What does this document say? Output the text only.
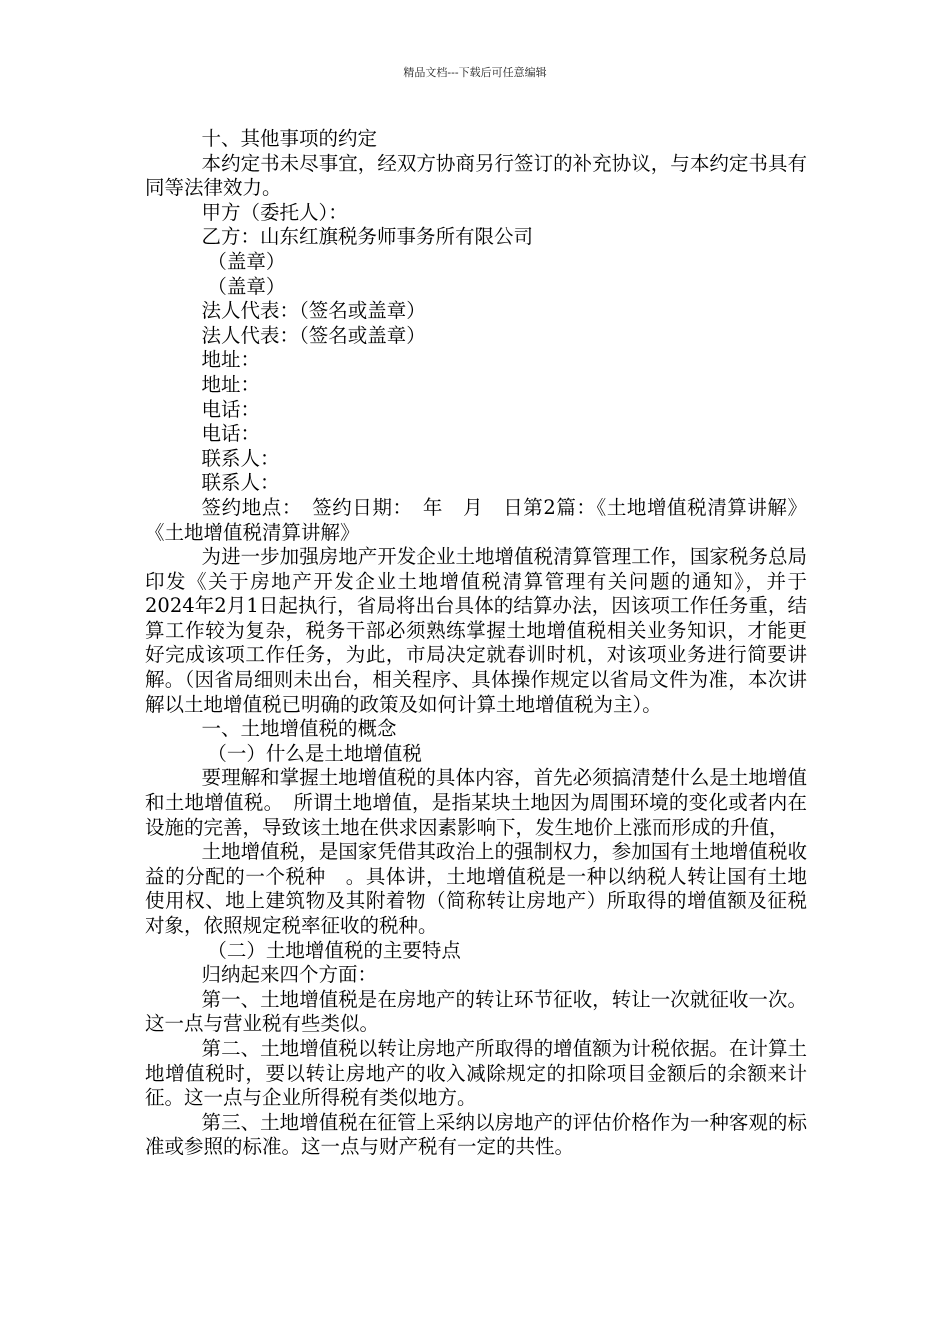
精品文档---下载后可任意编辑

十、其他事项的约定

本约定书未尽事宜，经双方协商另行签订的补充协议，与本约定书具有同等法律效力。

甲方（委托人）：

乙方：山东红旗税务师事务所有限公司

（盖章）

（盖章）

法人代表：（签名或盖章）

法人代表：（签名或盖章）

地址：

地址：

电话：

电话：

联系人：

联系人：

签约地点：　签约日期：　年　月　日第2篇：《土地增值税清算讲解》《土地增值税清算讲解》

为进一步加强房地产开发企业土地增值税清算管理工作，国家税务总局印发《关于房地产开发企业土地增值税清算管理有关问题的通知》，并于2024年2月1日起执行，省局将出台具体的结算办法，因该项工作任务重，结算工作较为复杂，税务干部必须熟练掌握土地增值税相关业务知识，才能更好完成该项工作任务，为此，市局决定就春训时机，对该项业务进行简要讲解。（因省局细则未出台，相关程序、具体操作规定以省局文件为准，本次讲解以土地增值税已明确的政策及如何计算土地增值税为主）。

一、土地增值税的概念

（一）什么是土地增值税

要理解和掌握土地增值税的具体内容，首先必须搞清楚什么是土地增值和土地增值税。　所谓土地增值，是指某块土地因为周围环境的变化或者内在设施的完善，导致该土地在供求因素影响下，发生地价上涨而形成的升值，

土地增值税，是国家凭借其政治上的强制权力，参加国有土地增值税收益的分配的一个税种　。具体讲，土地增值税是一种以纳税人转让国有土地使用权、地上建筑物及其附着物（简称转让房地产）所取得的增值额及征税对象，依照规定税率征收的税种。

（二）土地增值税的主要特点

归纳起来四个方面：

第一、土地增值税是在房地产的转让环节征收，转让一次就征收一次。这一点与营业税有些类似。

第二、土地增值税以转让房地产所取得的增值额为计税依据。在计算土地增值税时，要以转让房地产的收入减除规定的扣除项目金额后的余额来计征。这一点与企业所得税有类似地方。

第三、土地增值税在征管上采纳以房地产的评估价格作为一种客观的标准或参照的标准。这一点与财产税有一定的共性。
